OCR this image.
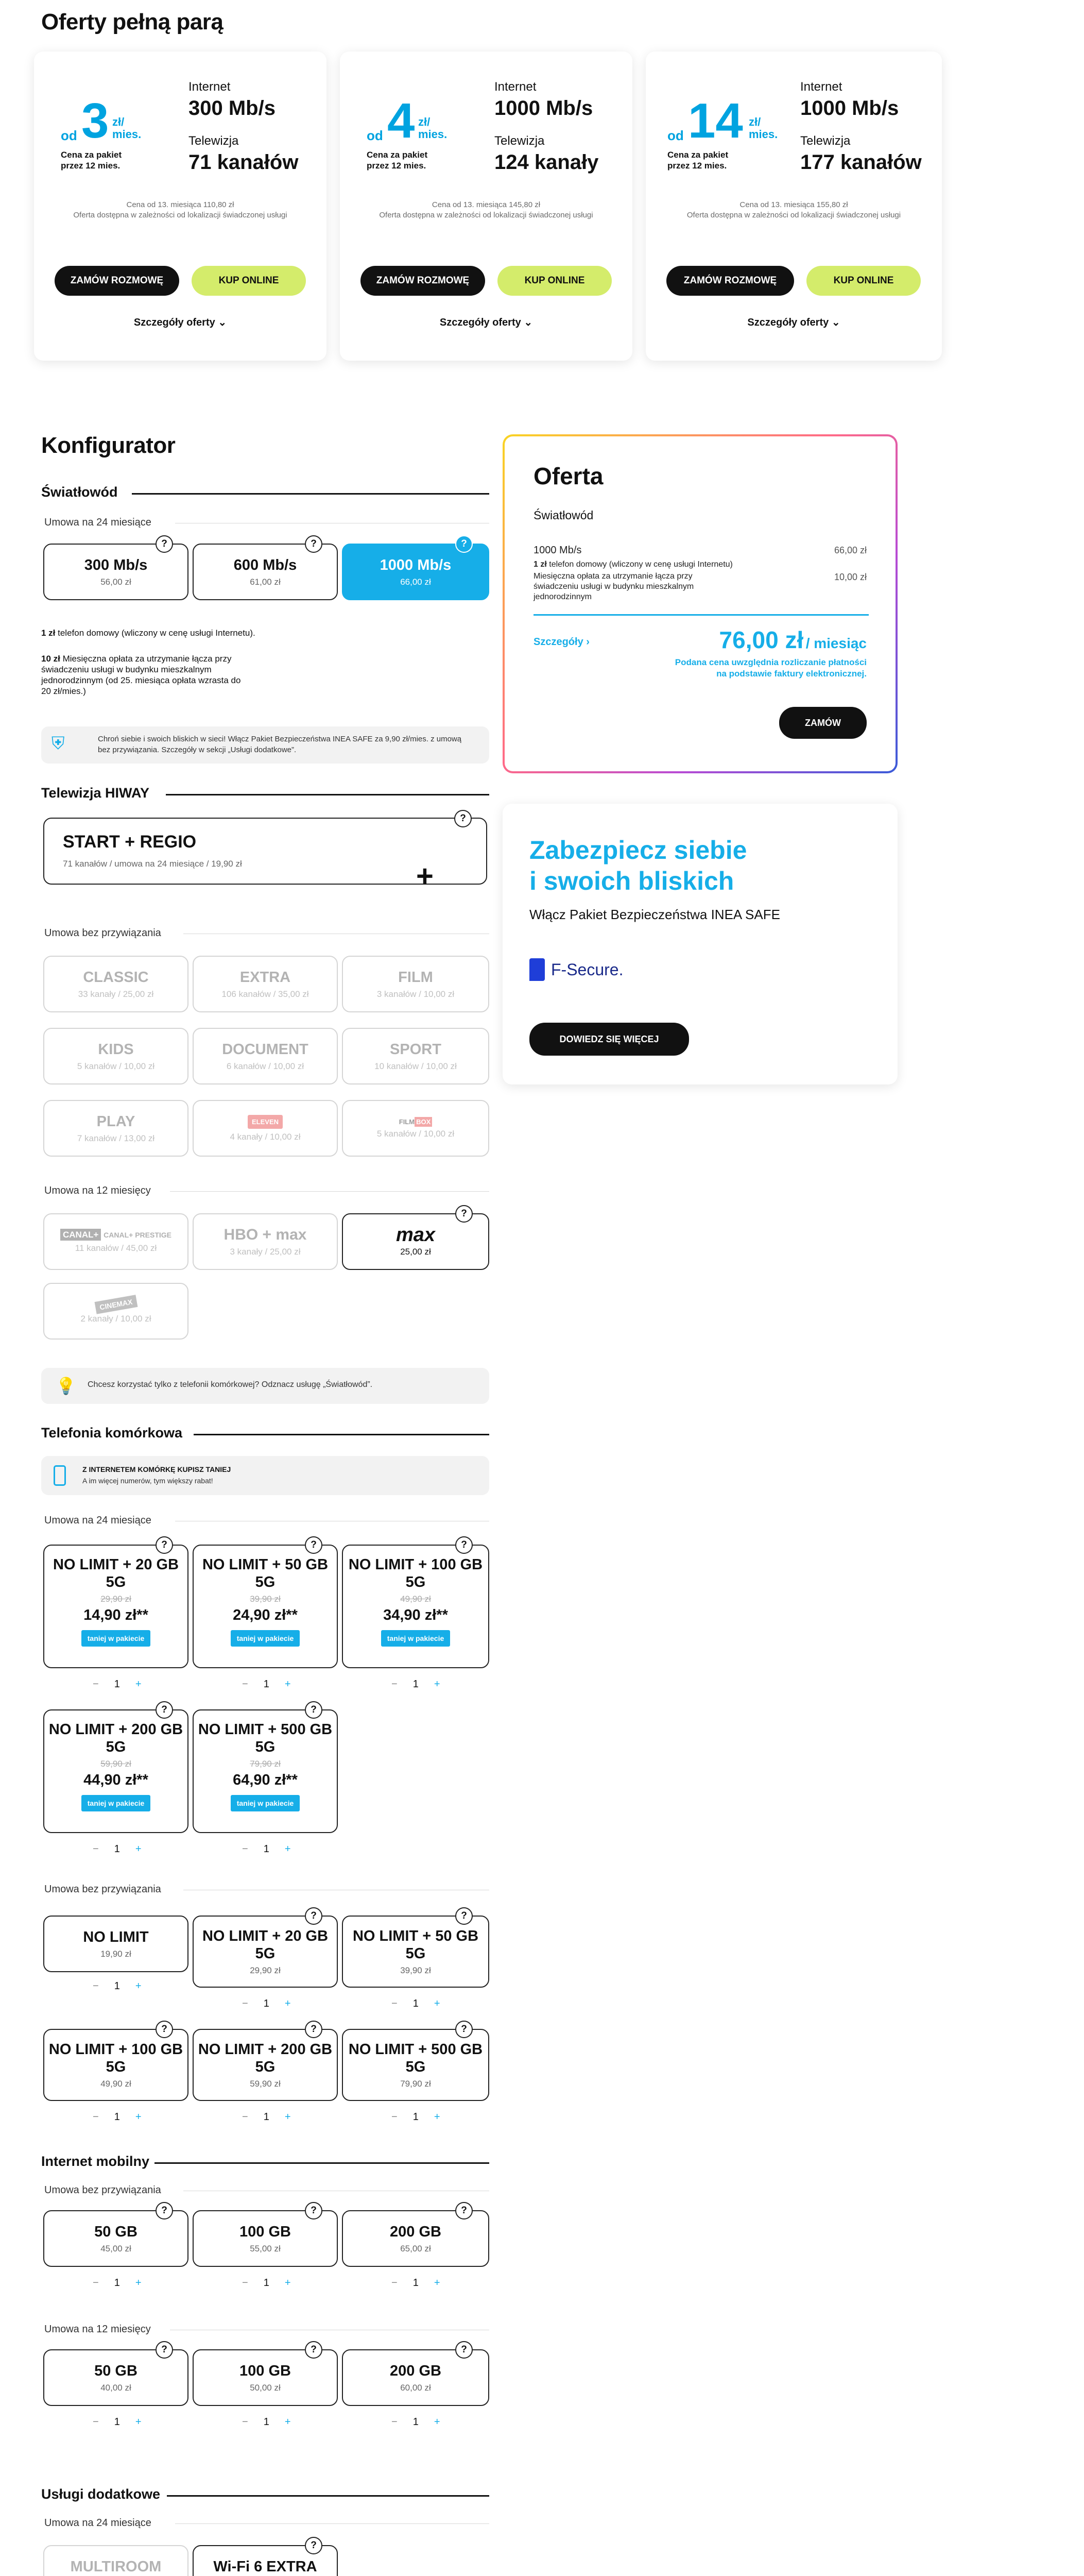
Oferty pełną parą
od 3 zł/ mies.
Cena za pakiet przez 12 mies.
Internet
300 Mb/s
Telewizja
71 kanałów
Cena od 13. miesiąca 110,80 zł
Oferta dostępna w zależności od lokalizacji świadczonej usługi
ZAMÓW ROZMOWĘ	KUP ONLINE
Szczegóły oferty ⌄
od 4 zł/ mies.
Cena za pakiet przez 12 mies.
Internet
1000 Mb/s
Telewizja
124 kanały
Cena od 13. miesiąca 145,80 zł
Oferta dostępna w zależności od lokalizacji świadczonej usługi
ZAMÓW ROZMOWĘ	KUP ONLINE
Szczegóły oferty ⌄
od 14 zł/ mies.
Cena za pakiet przez 12 mies.
Internet
1000 Mb/s
Telewizja
177 kanałów
Cena od 13. miesiąca 155,80 zł
Oferta dostępna w zależności od lokalizacji świadczonej usługi
ZAMÓW ROZMOWĘ	KUP ONLINE
Szczegóły oferty ⌄
Konfigurator
Światłowód
Umowa na 24 miesiące
300 Mb/s
56,00 zł
?
600 Mb/s
61,00 zł
?
1000 Mb/s
66,00 zł
?
1 zł telefon domowy (wliczony w cenę usługi Internetu).
10 zł Miesięczna opłata za utrzymanie łącza przy świadczeniu usługi w budynku mieszkalnym jednorodzinnym (od 25. miesiąca opłata wzrasta do 20 zł/mies.)
⛨	Chroń siebie i swoich bliskich w sieci! Włącz Pakiet Bezpieczeństwa INEA SAFE za 9,90 zł/mies. z umową bez przywiązania. Szczegóły w sekcji „Usługi dodatkowe”.
Telewizja HIWAY
START + REGIO
71 kanałów / umowa na 24 miesiące / 19,90 zł	+
?
Umowa bez przywiązania
CLASSIC
33 kanały / 25,00 zł
EXTRA
106 kanałów / 35,00 zł
FILM
3 kanałów / 10,00 zł
KIDS
5 kanałów / 10,00 zł
DOCUMENT
6 kanałów / 10,00 zł
SPORT
10 kanałów / 10,00 zł
PLAY
7 kanałów / 13,00 zł
ELEVEN
4 kanały / 10,00 zł
FILM BOX
5 kanałów / 10,00 zł
Umowa na 12 miesięcy
CANAL+ CANAL+ PRESTIGE
11 kanałów / 45,00 zł
HBO + max
3 kanały / 25,00 zł
max
25,00 zł
?
CINEMAX
2 kanały / 10,00 zł
💡 Chcesz korzystać tylko z telefonii komórkowej? Odznacz usługę „Światłowód”.
Telefonia komórkowa
Z INTERNETEM KOMÓRKĘ KUPISZ TANIEJ
A im więcej numerów, tym większy rabat!
Umowa na 24 miesiące
NO LIMIT + 20 GB 5G
29,90 zł
14,90 zł**
taniej w pakiecie
?
NO LIMIT + 50 GB 5G
39,90 zł
24,90 zł**
taniej w pakiecie
?
NO LIMIT + 100 GB 5G
49,90 zł
34,90 zł**
taniej w pakiecie
?
− 1 +	− 1 +	− 1 +
NO LIMIT + 200 GB 5G
59,90 zł
44,90 zł**
taniej w pakiecie
?
NO LIMIT + 500 GB 5G
79,90 zł
64,90 zł**
taniej w pakiecie
?
− 1 +	− 1 +
Umowa bez przywiązania
NO LIMIT
19,90 zł
NO LIMIT + 20 GB 5G
29,90 zł
?
NO LIMIT + 50 GB 5G
39,90 zł
?
− 1 +
− 1 +	− 1 +
NO LIMIT + 100 GB 5G
49,90 zł
?
NO LIMIT + 200 GB 5G
59,90 zł
?
NO LIMIT + 500 GB 5G
79,90 zł
?
− 1 +	− 1 +	− 1 +
Internet mobilny
Umowa bez przywiązania
50 GB
45,00 zł
?
100 GB
55,00 zł
?
200 GB
65,00 zł
?
− 1 +	− 1 +	− 1 +
Umowa na 12 miesięcy
50 GB
40,00 zł
?
100 GB
50,00 zł
?
200 GB
60,00 zł
?
− 1 +	− 1 +	− 1 +
Usługi dodatkowe
Umowa na 24 miesiące
MULTIROOM	Wi-Fi 6 EXTRA
?
Oferta
Światłowód
1000 Mb/s	66,00 zł
1 zł telefon domowy (wliczony w cenę usługi Internetu)
Miesięczna opłata za utrzymanie łącza przy świadczeniu usługi w budynku mieszkalnym jednorodzinnym
10,00 zł
Szczegóły ›	76,00 zł / miesiąc
Podana cena uwzględnia rozliczanie płatności na podstawie faktury elektronicznej.
ZAMÓW
Zabezpiecz siebie
i swoich bliskich
Włącz Pakiet Bezpieczeństwa INEA SAFE
F-Secure.
DOWIEDZ SIĘ WIĘCEJ
